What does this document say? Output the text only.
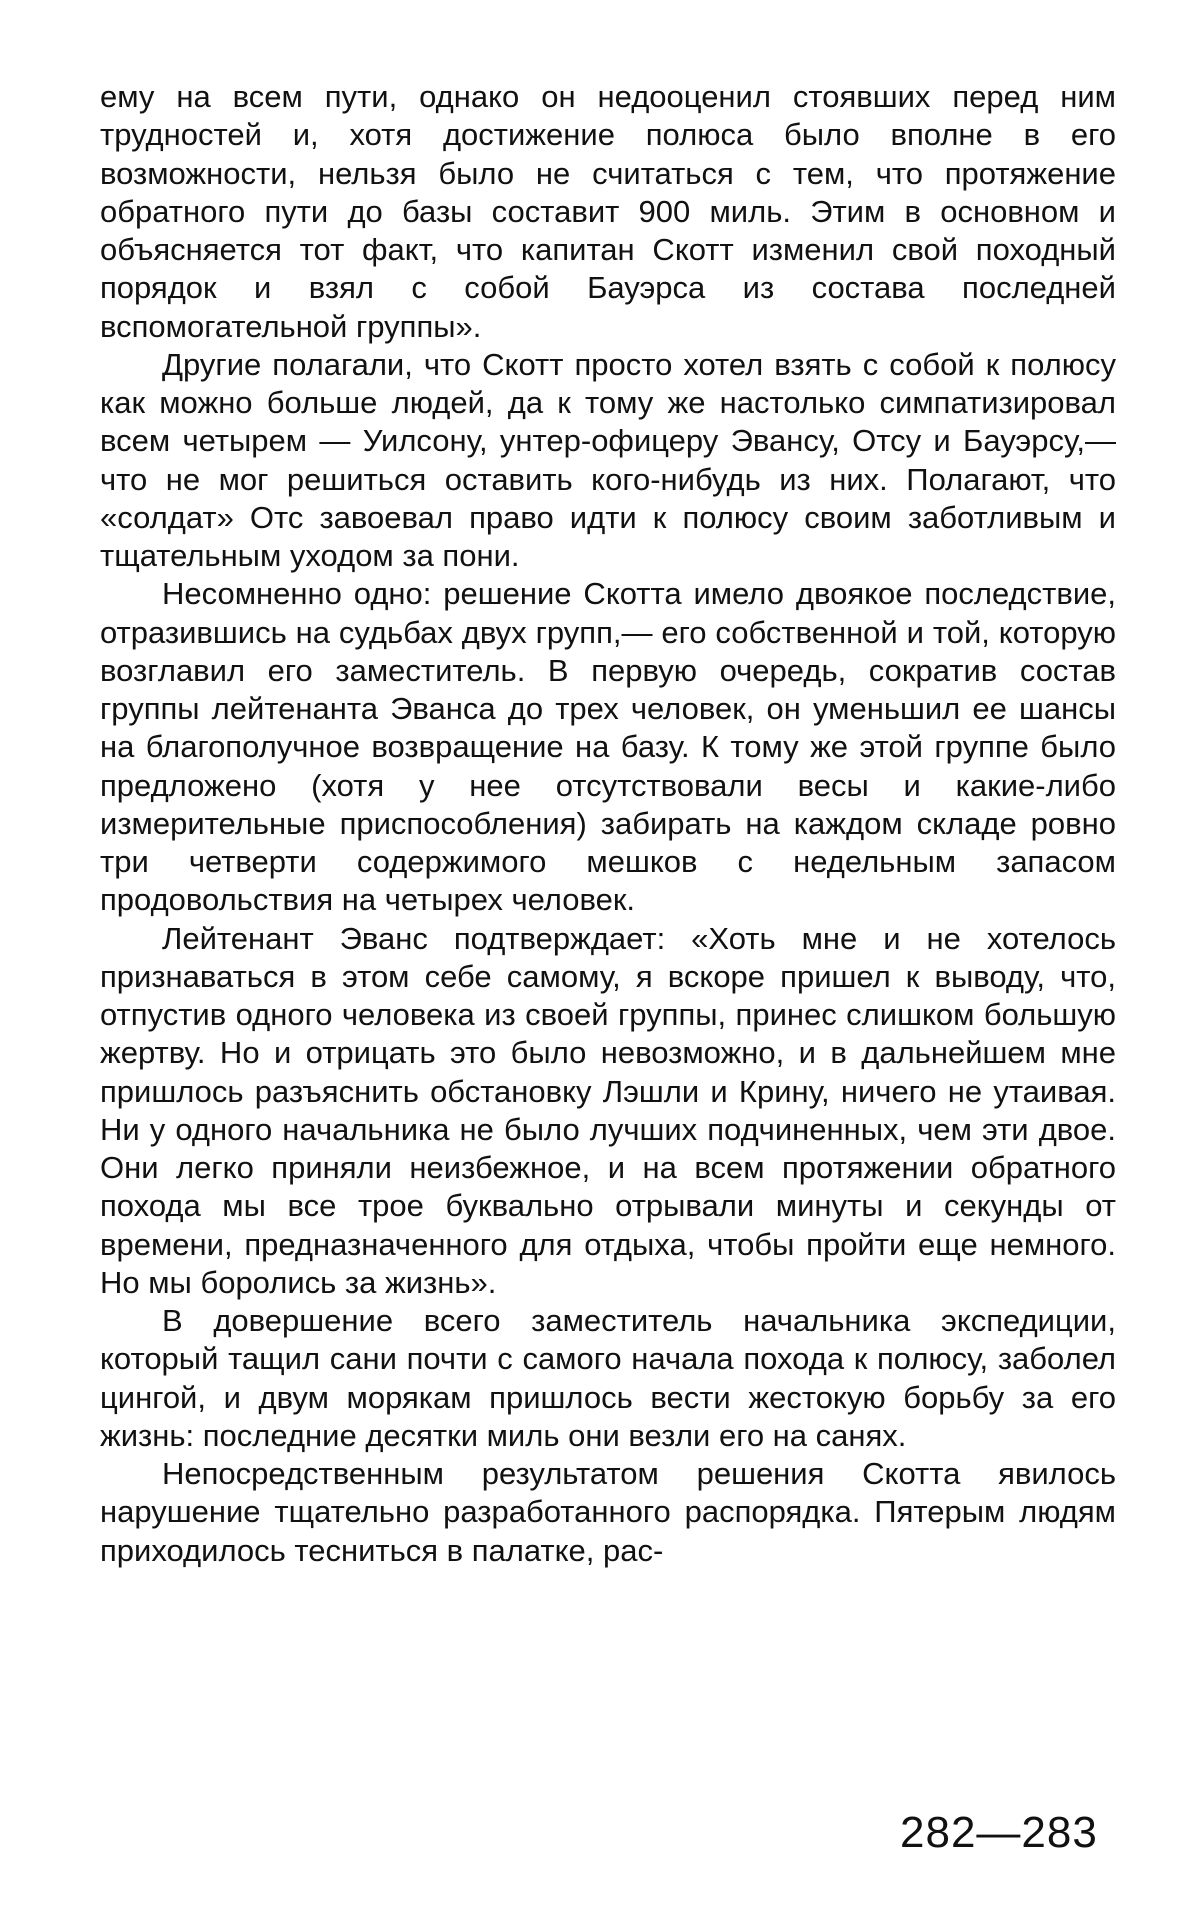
ему на всем пути, однако он недооценил стоявших перед ним трудностей и, хотя достижение полюса было вполне в его возможности, нельзя было не считаться с тем, что протяжение обратного пути до базы составит 900 миль. Этим в основном и объясняется тот факт, что капитан Скотт изменил свой походный порядок и взял с собой Бауэрса из состава последней вспомогательной группы».

Другие полагали, что Скотт просто хотел взять с собой к полюсу как можно больше людей, да к тому же настолько симпатизировал всем четырем — Уилсону, унтер-офицеру Эвансу, Отсу и Бауэрсу,— что не мог решиться оставить кого-нибудь из них. Полагают, что «солдат» Отс завоевал право идти к полюсу своим заботливым и тщательным уходом за пони.

Несомненно одно: решение Скотта имело двоякое последствие, отразившись на судьбах двух групп,— его собственной и той, которую возглавил его заместитель. В первую очередь, сократив состав группы лейтенанта Эванса до трех человек, он уменьшил ее шансы на благополучное возвращение на базу. К тому же этой группе было предложено (хотя у нее отсутствовали весы и какие-либо измерительные приспособления) забирать на каждом складе ровно три четверти содержимого мешков с недельным запасом продовольствия на четырех человек.

Лейтенант Эванс подтверждает: «Хоть мне и не хотелось признаваться в этом себе самому, я вскоре пришел к выводу, что, отпустив одного человека из своей группы, принес слишком большую жертву. Но и отрицать это было невозможно, и в дальнейшем мне пришлось разъяснить обстановку Лэшли и Крину, ничего не утаивая. Ни у одного начальника не было лучших подчиненных, чем эти двое. Они легко приняли неизбежное, и на всем протяжении обратного похода мы все трое буквально отрывали минуты и секунды от времени, предназначенного для отдыха, чтобы пройти еще немного. Но мы боролись за жизнь».

В довершение всего заместитель начальника экспедиции, который тащил сани почти с самого начала похода к полюсу, заболел цингой, и двум морякам пришлось вести жестокую борьбу за его жизнь: последние десятки миль они везли его на санях.

Непосредственным результатом решения Скотта явилось нарушение тщательно разработанного распорядка. Пятерым людям приходилось тесниться в палатке, рас-

282—283
